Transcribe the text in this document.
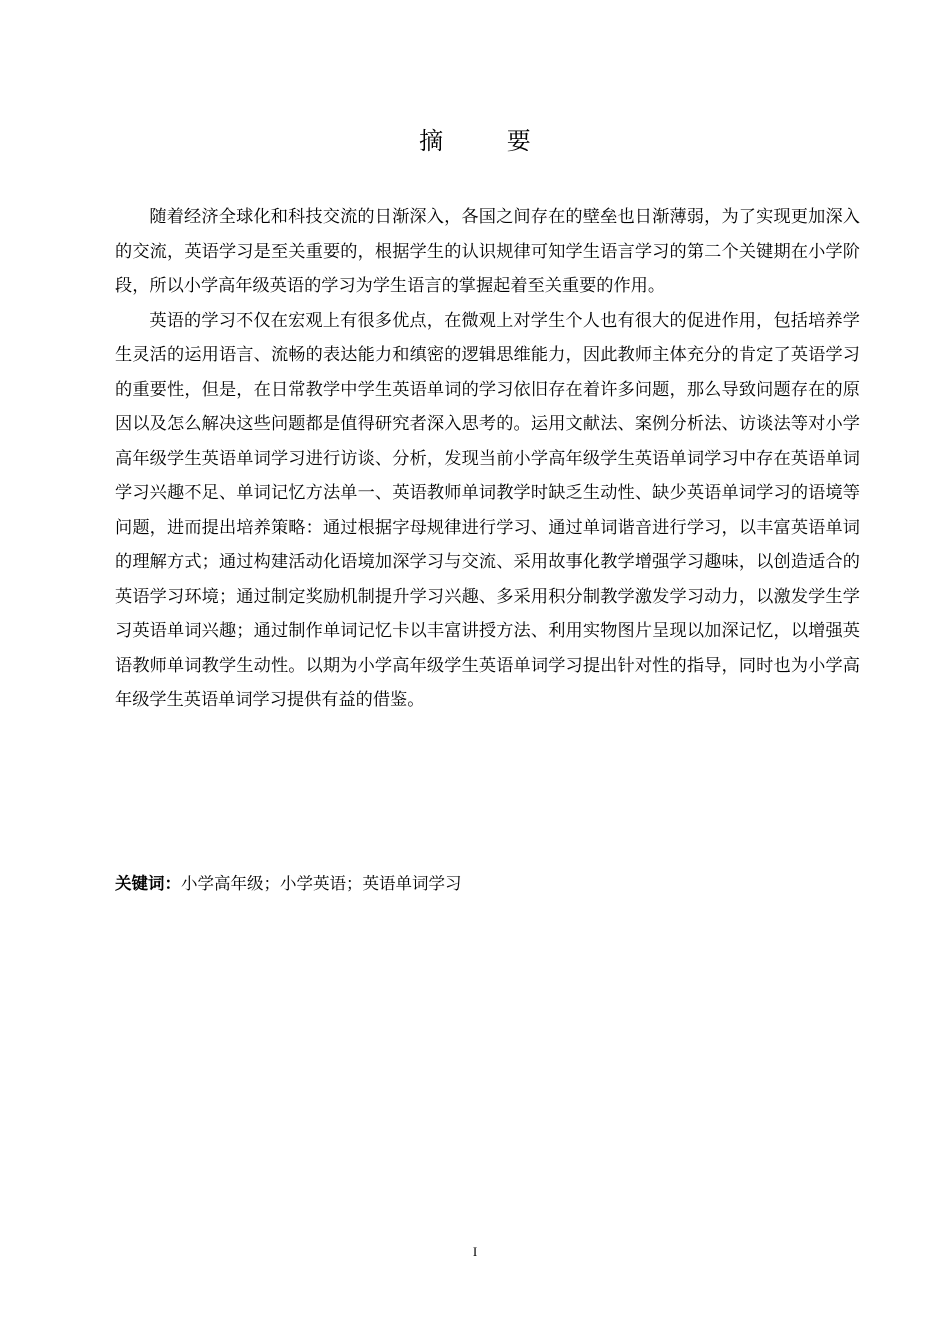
摘 要

随着经济全球化和科技交流的日渐深入，各国之间存在的壁垒也日渐薄弱，为了实现更加深入的交流，英语学习是至关重要的，根据学生的认识规律可知学生语言学习的第二个关键期在小学阶段，所以小学高年级英语的学习为学生语言的掌握起着至关重要的作用。

英语的学习不仅在宏观上有很多优点，在微观上对学生个人也有很大的促进作用，包括培养学生灵活的运用语言、流畅的表达能力和缜密的逻辑思维能力，因此教师主体充分的肯定了英语学习的重要性，但是，在日常教学中学生英语单词的学习依旧存在着许多问题，那么导致问题存在的原因以及怎么解决这些问题都是值得研究者深入思考的。运用文献法、案例分析法、访谈法等对小学高年级学生英语单词学习进行访谈、分析，发现当前小学高年级学生英语单词学习中存在英语单词学习兴趣不足、单词记忆方法单一、英语教师单词教学时缺乏生动性、缺少英语单词学习的语境等问题，进而提出培养策略：通过根据字母规律进行学习、通过单词谐音进行学习，以丰富英语单词的理解方式；通过构建活动化语境加深学习与交流、采用故事化教学增强学习趣味，以创造适合的英语学习环境；通过制定奖励机制提升学习兴趣、多采用积分制教学激发学习动力，以激发学生学习英语单词兴趣；通过制作单词记忆卡以丰富讲授方法、利用实物图片呈现以加深记忆，以增强英语教师单词教学生动性。以期为小学高年级学生英语单词学习提出针对性的指导，同时也为小学高年级学生英语单词学习提供有益的借鉴。

关键词：小学高年级；小学英语；英语单词学习
I
